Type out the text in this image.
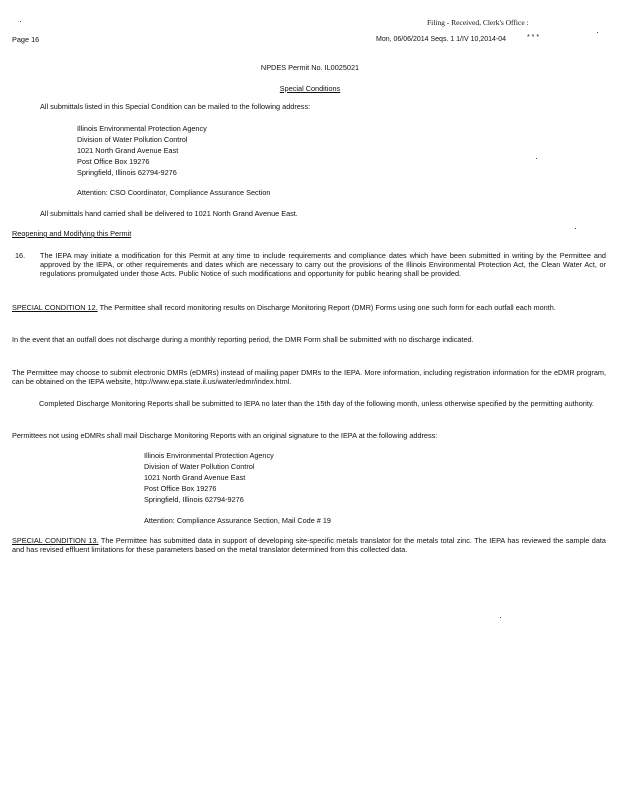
Filing - Received, Clerk's Office :
Page 16	Mon, 06/06/2014 Seqs. 1 1/IV 10,2014-04	* * *
NPDES Permit No. IL0025021
Special Conditions
All submittals listed in this Special Condition can be mailed to the following address:
Illinois Environmental Protection Agency
Division of Water Pollution Control
1021 North Grand Avenue East
Post Office Box 19276
Springfield, Illinois 62794-9276
Attention: CSO Coordinator, Compliance Assurance Section
All submittals hand carried shall be delivered to 1021 North Grand Avenue East.
Reopening and Modifying this Permit
16. The IEPA may initiate a modification for this Permit at any time to include requirements and compliance dates which have been submitted in writing by the Permittee and approved by the IEPA, or other requirements and dates which are necessary to carry out the provisions of the Illinois Environmental Protection Act, the Clean Water Act, or regulations promulgated under those Acts. Public Notice of such modifications and opportunity for public hearing shall be provided.
SPECIAL CONDITION 12. The Permittee shall record monitoring results on Discharge Monitoring Report (DMR) Forms using one such form for each outfall each month.
In the event that an outfall does not discharge during a monthly reporting period, the DMR Form shall be submitted with no discharge indicated.
The Permittee may choose to submit electronic DMRs (eDMRs) instead of mailing paper DMRs to the IEPA. More information, including registration information for the eDMR program, can be obtained on the IEPA website, http://www.epa.state.il.us/water/edmr/index.html.
Completed Discharge Monitoring Reports shall be submitted to IEPA no later than the 15th day of the following month, unless otherwise specified by the permitting authority.
Permittees not using eDMRs shall mail Discharge Monitoring Reports with an original signature to the IEPA at the following address:
Illinois Environmental Protection Agency
Division of Water Pollution Control
1021 North Grand Avenue East
Post Office Box 19276
Springfield, Illinois 62794-9276
Attention: Compliance Assurance Section, Mail Code # 19
SPECIAL CONDITION 13. The Permittee has submitted data in support of developing site-specific metals translator for the metals total zinc. The IEPA has reviewed the sample data and has revised effluent limitations for these parameters based on the metal translator determined from this collected data.
